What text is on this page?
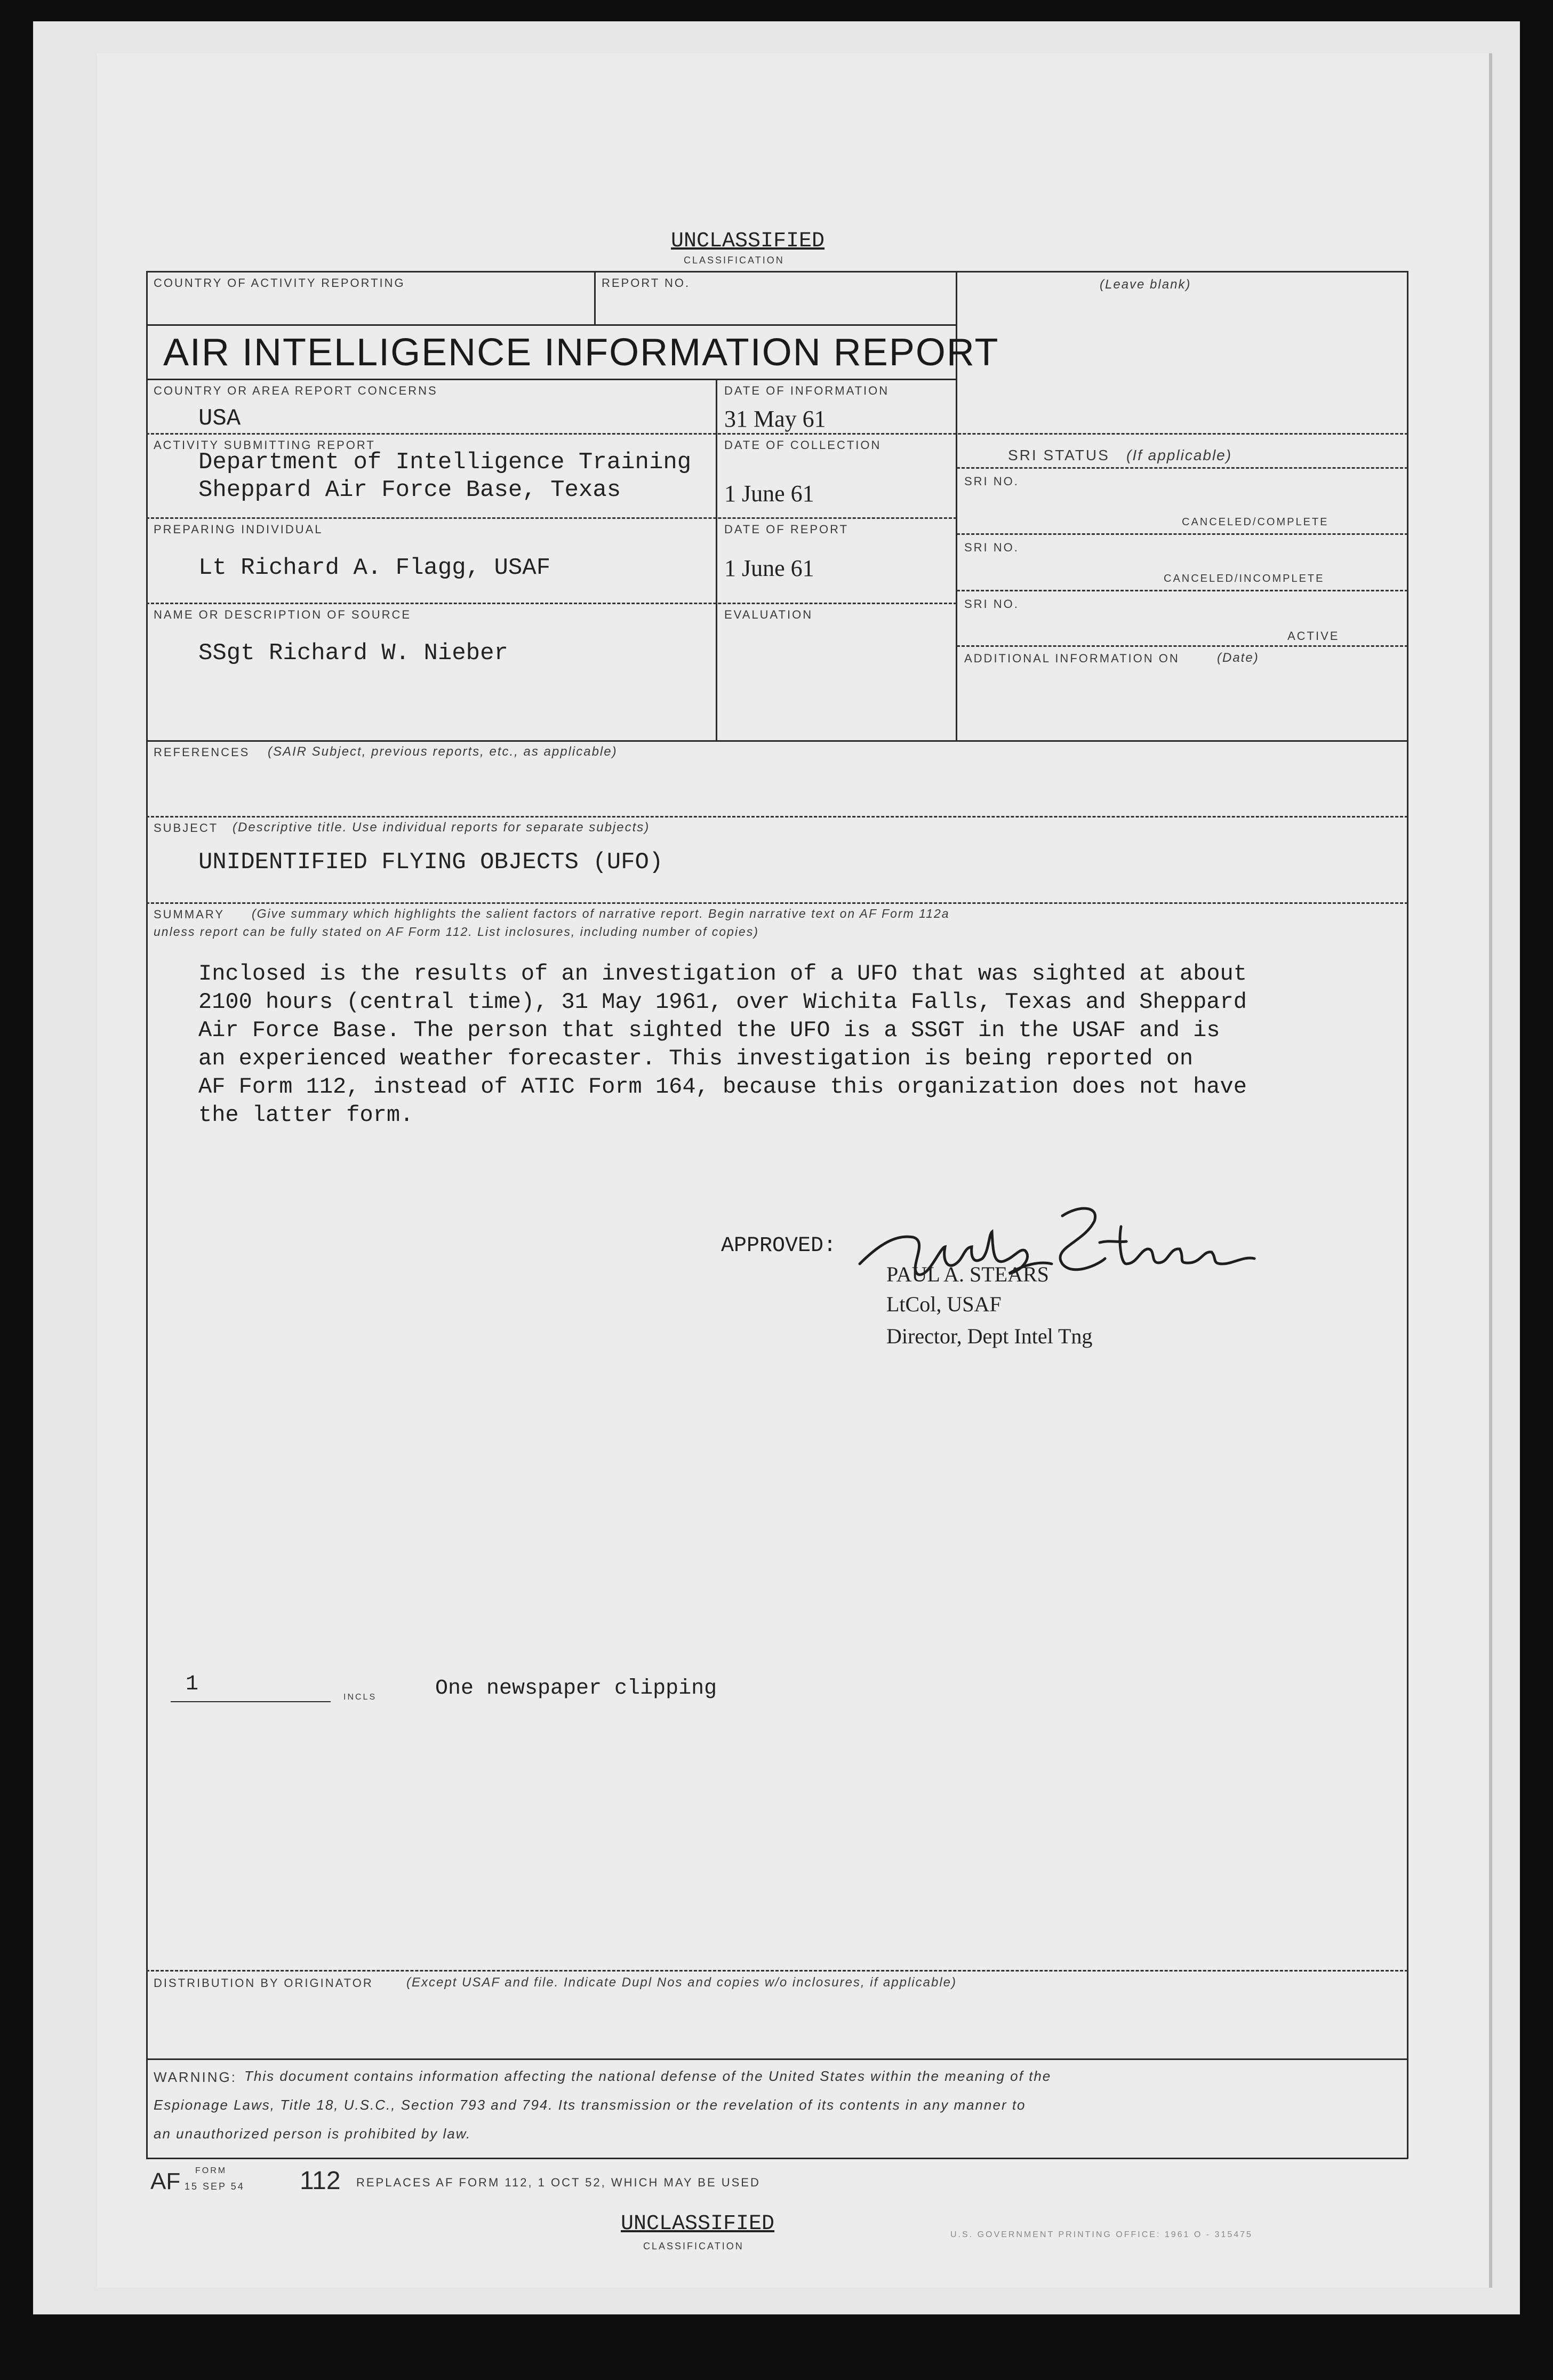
UNCLASSIFIED
CLASSIFICATION
COUNTRY OF ACTIVITY REPORTING	REPORT NO.	(Leave blank)
AIR INTELLIGENCE INFORMATION REPORT
COUNTRY OR AREA REPORT CONCERNS
USA
DATE OF INFORMATION
31 May 61
ACTIVITY SUBMITTING REPORT
Department of Intelligence Training
Sheppard Air Force Base, Texas
DATE OF COLLECTION
1 June 61
PREPARING INDIVIDUAL
Lt Richard A. Flagg, USAF
DATE OF REPORT
1 June 61
NAME OR DESCRIPTION OF SOURCE
SSgt Richard W. Nieber
EVALUATION
SRI STATUS (If applicable)
SRI NO.
CANCELED/COMPLETE
SRI NO.
CANCELED/INCOMPLETE
SRI NO.
ACTIVE
ADDITIONAL INFORMATION ON	(Date)
REFERENCES (SAIR Subject, previous reports, etc., as applicable)
SUBJECT (Descriptive title. Use individual reports for separate subjects)
UNIDENTIFIED FLYING OBJECTS (UFO)
SUMMARY (Give summary which highlights the salient factors of narrative report. Begin narrative text on AF Form 112a
unless report can be fully stated on AF Form 112. List inclosures, including number of copies)
Inclosed is the results of an investigation of a UFO that was sighted at about
2100 hours (central time), 31 May 1961, over Wichita Falls, Texas and Sheppard
Air Force Base. The person that sighted the UFO is a SSGT in the USAF and is
an experienced weather forecaster. This investigation is being reported on
AF Form 112, instead of ATIC Form 164, because this organization does not have
the latter form.
APPROVED:
PAUL A. STEARS
LtCol, USAF
Director, Dept Intel Tng
1
INCLS	One newspaper clipping
DISTRIBUTION BY ORIGINATOR	(Except USAF and file. Indicate Dupl Nos and copies w/o inclosures, if applicable)
WARNING: This document contains information affecting the national defense of the United States within the meaning of the
Espionage Laws, Title 18, U.S.C., Section 793 and 794. Its transmission or the revelation of its contents in any manner to
an unauthorized person is prohibited by law.
AF FORM
15 SEP 54 112 REPLACES AF FORM 112, 1 OCT 52, WHICH MAY BE USED
U.S. GOVERNMENT PRINTING OFFICE: 1961 O - 315475
UNCLASSIFIED
CLASSIFICATION
